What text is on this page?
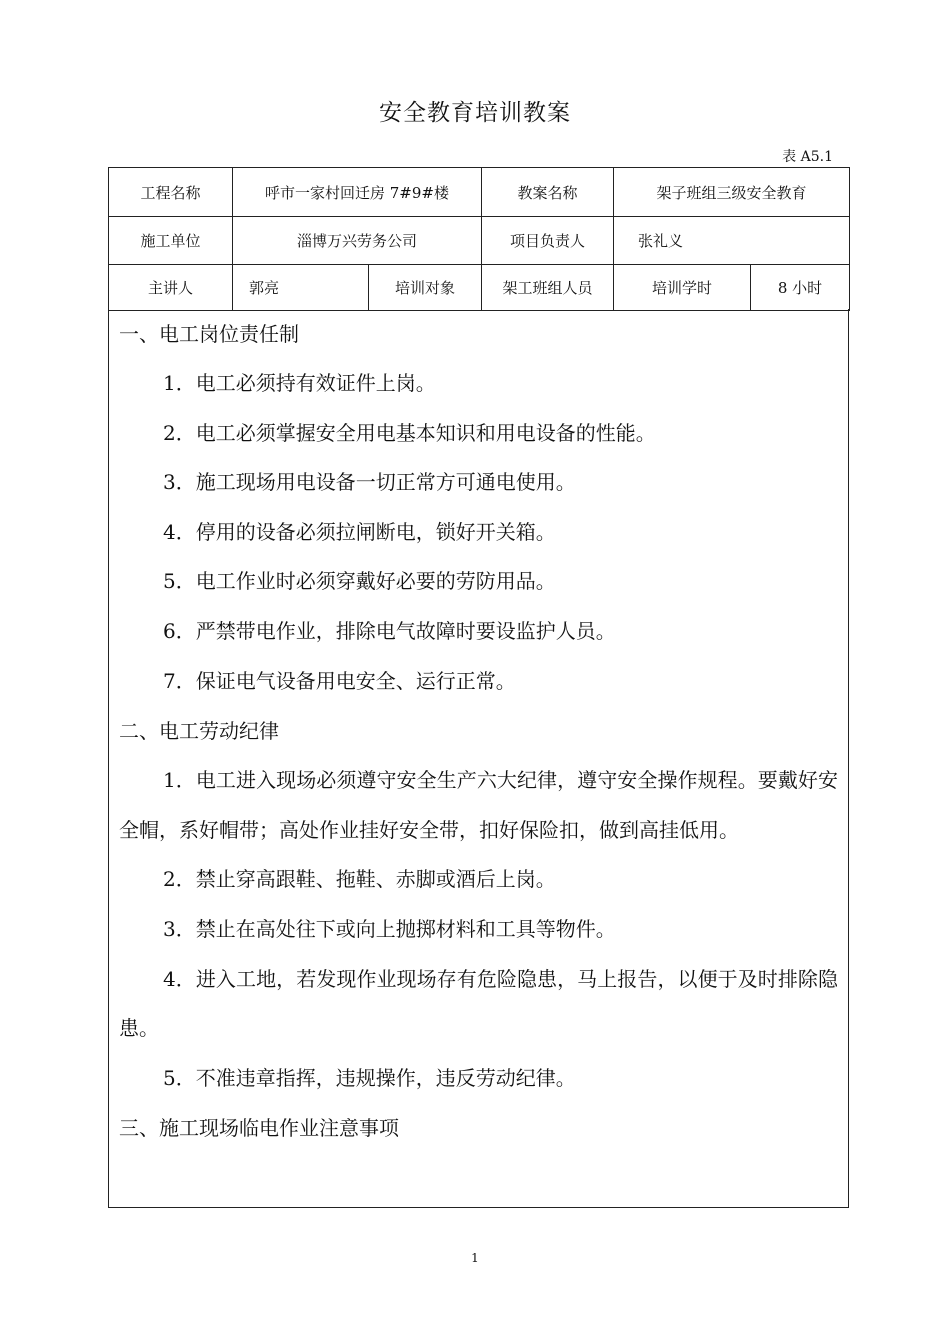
安全教育培训教案
表 A5.1
工程名称	呼市一家村回迁房 7#9#楼		教案名称	架子班组三级安全教育	
施工单位	淄博万兴劳务公司		项目负责人	张礼义	
主讲人	郭亮	培训对象	架工班组人员	培训学时	8 小时
一、电工岗位责任制

1．电工必须持有效证件上岗。

2．电工必须掌握安全用电基本知识和用电设备的性能。

3．施工现场用电设备一切正常方可通电使用。

4．停用的设备必须拉闸断电，锁好开关箱。

5．电工作业时必须穿戴好必要的劳防用品。

6．严禁带电作业，排除电气故障时要设监护人员。

7．保证电气设备用电安全、运行正常。

二、电工劳动纪律

1．电工进入现场必须遵守安全生产六大纪律，遵守安全操作规程。要戴好安全帽，系好帽带；高处作业挂好安全带，扣好保险扣，做到高挂低用。

2．禁止穿高跟鞋、拖鞋、赤脚或酒后上岗。

3．禁止在高处往下或向上抛掷材料和工具等物件。

4．进入工地，若发现作业现场存有危险隐患，马上报告，以便于及时排除隐患。

5．不准违章指挥，违规操作，违反劳动纪律。

三、施工现场临电作业注意事项
1
